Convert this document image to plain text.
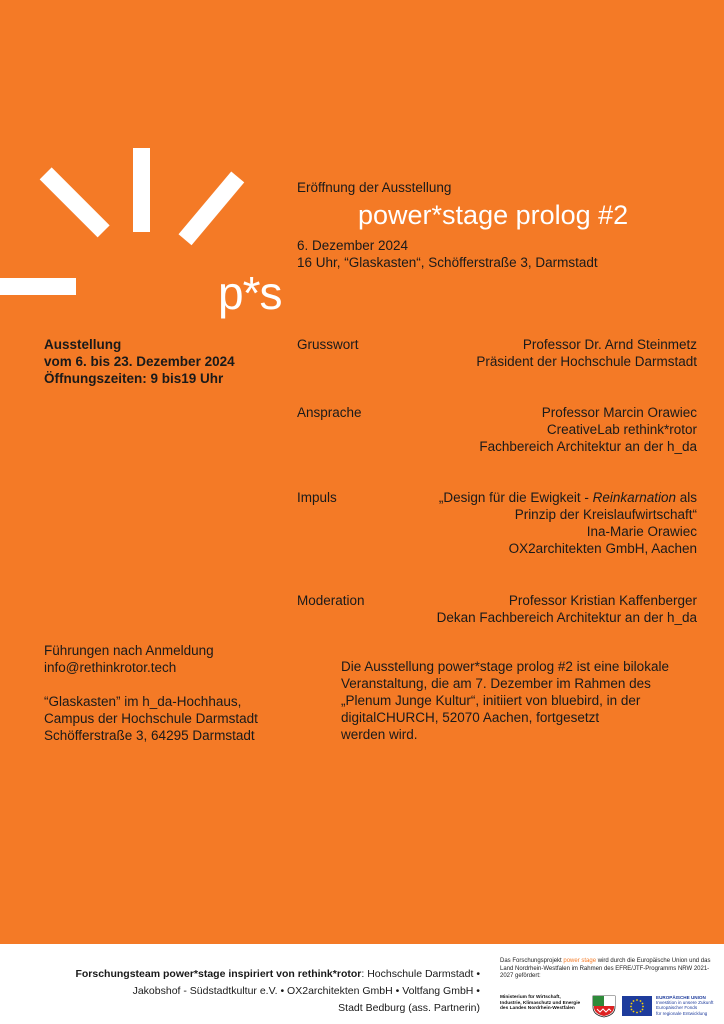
p*s
Eröffnung der Ausstellung
power*stage prolog #2
6. Dezember 2024
16 Uhr, “Glaskasten“, Schöfferstraße 3, Darmstadt
Ausstellung
vom 6. bis 23. Dezember 2024
Öffnungszeiten: 9 bis19 Uhr
Grusswort	Professor Dr. Arnd Steinmetz
Präsident der Hochschule Darmstadt
Ansprache	Professor Marcin Orawiec
CreativeLab rethink*rotor
Fachbereich Architektur an der h_da
Impuls	„Design für die Ewigkeit - Reinkarnation als
Prinzip der Kreislaufwirtschaft“
Ina-Marie Orawiec
OX2architekten GmbH, Aachen
Moderation	Professor Kristian Kaffenberger
Dekan Fachbereich Architektur an der h_da
Führungen nach Anmeldung
info@rethinkrotor.tech
“Glaskasten” im h_da-Hochhaus,
Campus der Hochschule Darmstadt
Schöfferstraße 3, 64295 Darmstadt
Die Ausstellung power*stage prolog #2 ist eine bilokale
Veranstaltung, die am 7. Dezember im Rahmen des
„Plenum Junge Kultur“, initiiert von bluebird, in der
digitalCHURCH, 52070 Aachen, fortgesetzt
werden wird.
Forschungsteam power*stage inspiriert von rethink*rotor: Hochschule Darmstadt •
Jakobshof - Südstadtkultur e.V. • OX2architekten GmbH • Voltfang GmbH •
Stadt Bedburg (ass. Partnerin)
Das Forschungsprojekt power stage wird durch die Europäische Union und das Land Nordrhein-Westfalen im Rahmen des EFRE/JTF-Programms NRW 2021-2027 gefördert:
Ministerium für Wirtschaft, Industrie, Klimaschutz und Energie des Landes Nordrhein-Westfalen
EUROPÄISCHE UNION
Investition in unsere Zukunft
Europäischer Fonds
für regionale Entwicklung
